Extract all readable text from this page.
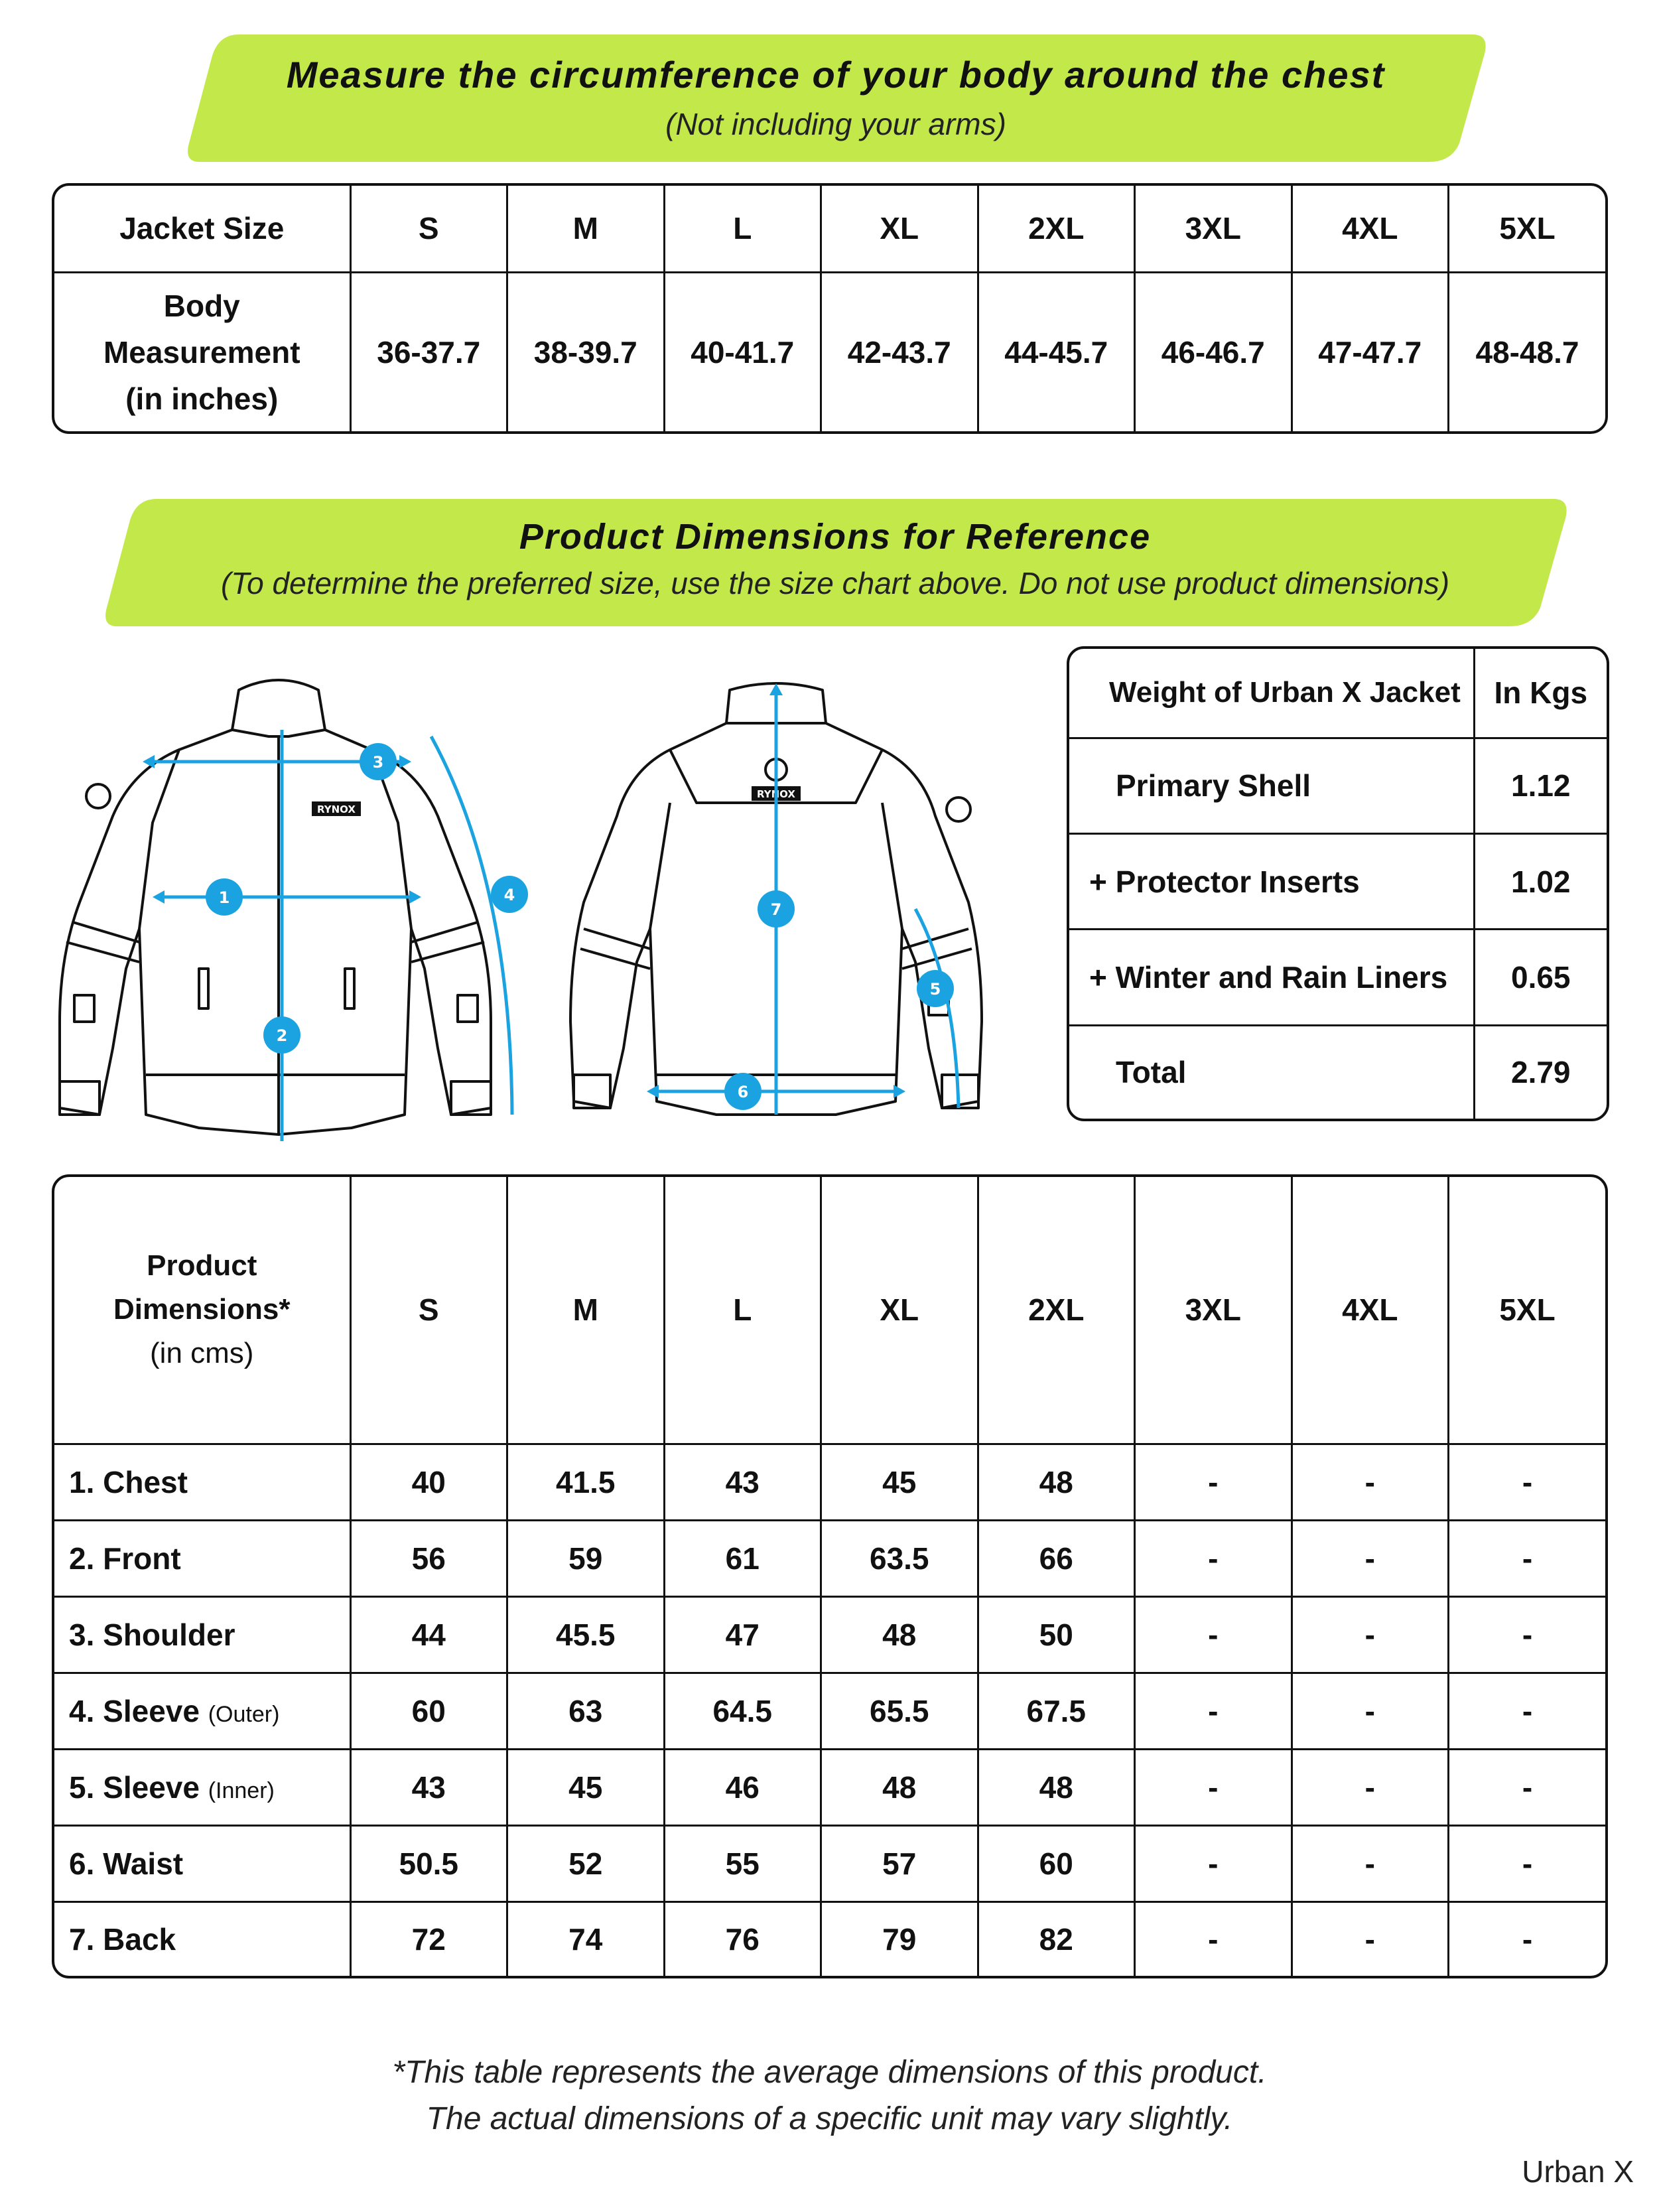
Measure the circumference of your body around the chest
(Not including your arms)
Jacket Size	S	M	L	XL	2XL	3XL	4XL	5XL

Body
Measurement
(in inches)	36-37.7	38-39.7	40-41.7	42-43.7	44-45.7	46-46.7	47-47.7	48-48.7
Product Dimensions for Reference
(To determine the preferred size, use the size chart above. Do not use product dimensions)
RYNOX
RYNOX
1
2
3
4
5
6
7
Weight of Urban X Jacket	In Kgs
Primary Shell	1.12
+ Protector Inserts	1.02
+ Winter and Rain Liners	0.65
Total	2.79
Product Dimensions*
(in cms)	S	M	L	XL	2XL	3XL	4XL	5XL
1. Chest	40	41.5	43	45	48	-	-	-
2. Front	56	59	61	63.5	66	-	-	-
3. Shoulder	44	45.5	47	48	50	-	-	-
4. Sleeve (Outer)	60	63	64.5	65.5	67.5	-	-	-
5. Sleeve (Inner)	43	45	46	48	48	-	-	-
6. Waist	50.5	52	55	57	60	-	-	-
7. Back	72	74	76	79	82	-	-	-
*This table represents the average dimensions of this product.
The actual dimensions of a specific unit may vary slightly.
Urban X
